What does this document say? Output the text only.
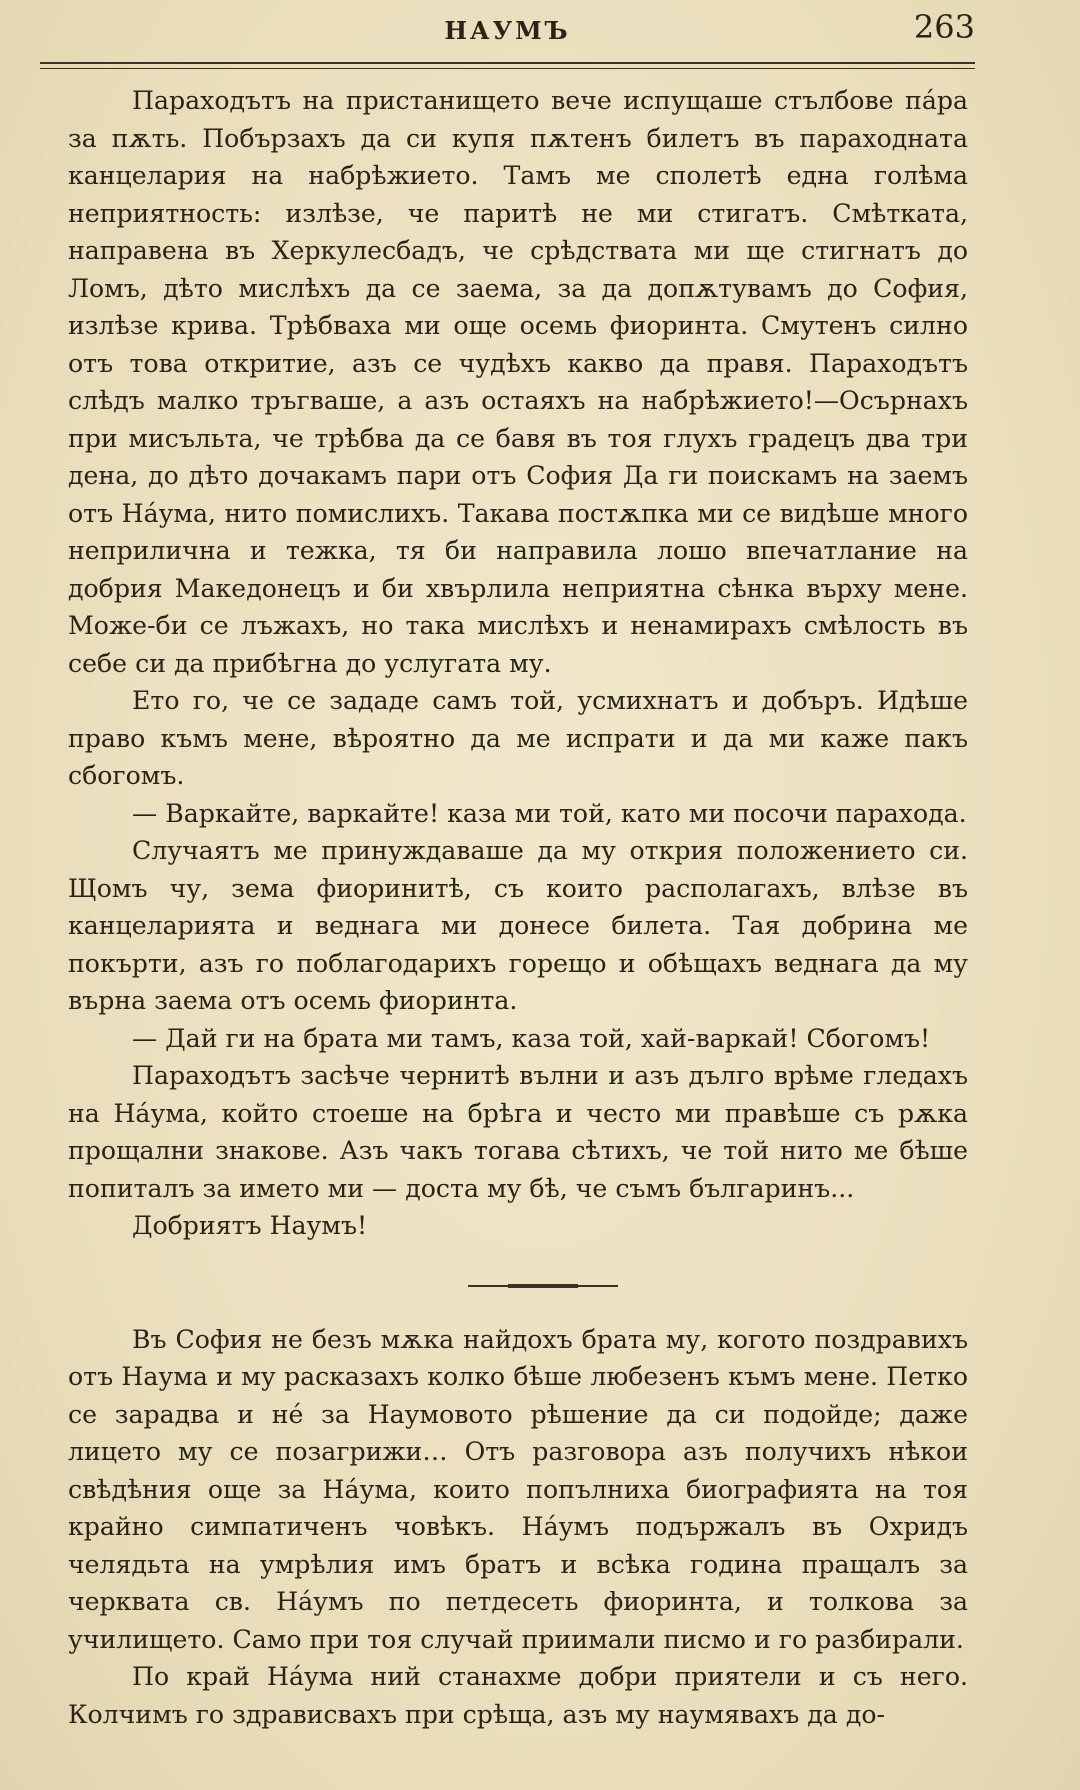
НАУМЪ	263

Параходътъ на пристанището вече испущаше стълбове пáра за пѫть. Побързахъ да си купя пѫтенъ билетъ въ параходната канцелария на набрѣжието. Тамъ ме сполетѣ една голѣма неприятность: излѣзе, че паритѣ не ми стигатъ. Смѣтката, направена въ Херкулесбадъ, че срѣдствата ми ще стигнатъ до Ломъ, дѣто мислѣхъ да се заема, за да допѫтувамъ до София, излѣзе крива. Трѣбваха ми още осемь фиоринта. Смутенъ силно отъ това откритие, азъ се чудѣхъ какво да правя. Параходътъ слѣдъ малко тръгваше, а азъ остаяхъ на набрѣжието!—Осърнахъ при мисъльта, че трѣбва да се бавя въ тоя глухъ градецъ два три дена, до дѣто дочакамъ пари отъ София Да ги поискамъ на заемъ отъ Нáума, нито помислихъ. Такава постѫпка ми се видѣше много неприлична и тежка, тя би направила лошо впечатлание на добрия Македонецъ и би хвърлила неприятна сѣнка върху мене. Може-би се лъжахъ, но така мислѣхъ и ненамирахъ смѣлость въ себе си да прибѣгна до услугата му.

Ето го, че се зададе самъ той, усмихнатъ и добъръ. Идѣше право къмъ мене, вѣроятно да ме испрати и да ми каже пакъ сбогомъ.

— Варкайте, варкайте! каза ми той, като ми посочи парахода.

Случаятъ ме принуждаваше да му открия положението си. Щомъ чу, зема фиоринитѣ, съ които располагахъ, влѣзе въ канцеларията и веднага ми донесе билета. Тая добрина ме покърти, азъ го поблагодарихъ горещо и обѣщахъ веднага да му върна заема отъ осемь фиоринта.

— Дай ги на брата ми тамъ, каза той, хай-варкай! Сбогомъ!

Параходътъ засѣче чернитѣ вълни и азъ дълго врѣме гледахъ на Нáума, който стоеше на брѣга и често ми правѣше съ рѫка прощални знакове. Азъ чакъ тогава сѣтихъ, че той нито ме бѣше попиталъ за името ми — доста му бѣ, че съмъ българинъ...

Добриятъ Наумъ!

Въ София не безъ мѫка найдохъ брата му, когото поздравихъ отъ Наума и му расказахъ колко бѣше любезенъ къмъ мене. Петко се зарадва и нé за Наумовото рѣшение да си подойде; даже лицето му се позагрижи… Отъ разговора азъ получихъ нѣкои свѣдѣния още за Нáума, които попълниха биографията на тоя крайно симпатиченъ човѣкъ. Нáумъ подържалъ въ Охридъ челядьта на умрѣлия имъ братъ и всѣка година пращалъ за черквата св. Нáумъ по петдесеть фиоринта, и толкова за училището. Само при тоя случай приимали писмо и го разбирали.

По край Нáума ний станахме добри приятели и съ него. Колчимъ го здрависвахъ при срѣща, азъ му наумявахъ да до-
